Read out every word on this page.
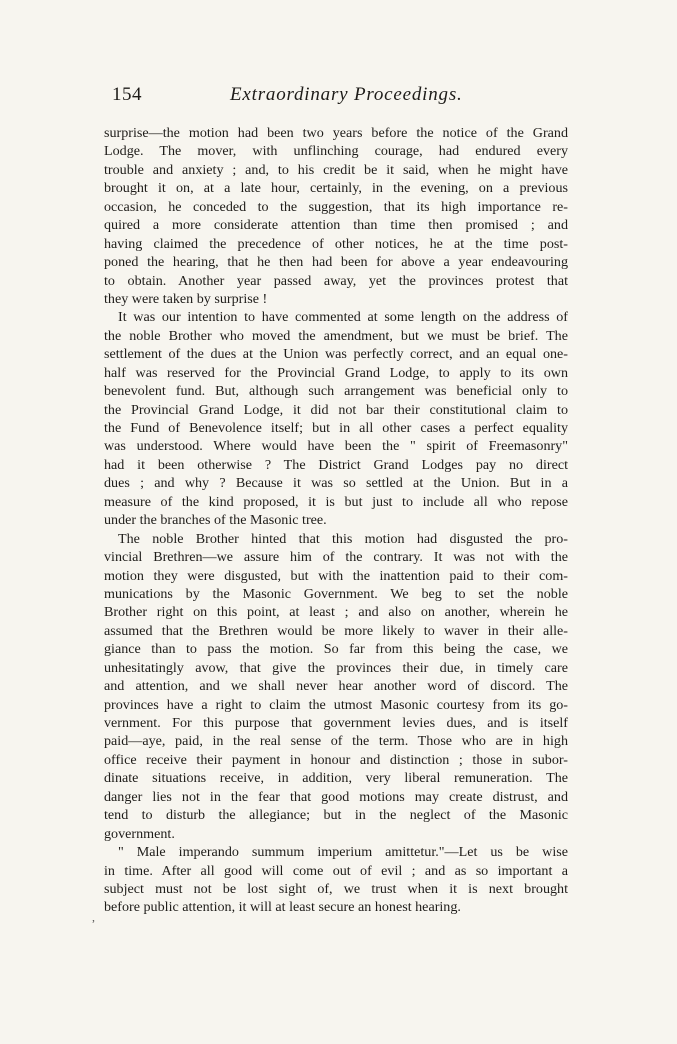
154	Extraordinary Proceedings.
surprise—the motion had been two years before the notice of the Grand
Lodge. The mover, with unflinching courage, had endured every
trouble and anxiety ; and, to his credit be it said, when he might have
brought it on, at a late hour, certainly, in the evening, on a previous
occasion, he conceded to the suggestion, that its high importance re-
quired a more considerate attention than time then promised ; and
having claimed the precedence of other notices, he at the time post-
poned the hearing, that he then had been for above a year endeavouring
to obtain. Another year passed away, yet the provinces protest that
they were taken by surprise !
It was our intention to have commented at some length on the address of
the noble Brother who moved the amendment, but we must be brief. The
settlement of the dues at the Union was perfectly correct, and an equal one-
half was reserved for the Provincial Grand Lodge, to apply to its own
benevolent fund. But, although such arrangement was beneficial only to
the Provincial Grand Lodge, it did not bar their constitutional claim to
the Fund of Benevolence itself; but in all other cases a perfect equality
was understood. Where would have been the " spirit of Freemasonry"
had it been otherwise ? The District Grand Lodges pay no direct
dues ; and why ? Because it was so settled at the Union. But in a
measure of the kind proposed, it is but just to include all who repose
under the branches of the Masonic tree.
The noble Brother hinted that this motion had disgusted the pro-
vincial Brethren—we assure him of the contrary. It was not with the
motion they were disgusted, but with the inattention paid to their com-
munications by the Masonic Government. We beg to set the noble
Brother right on this point, at least ; and also on another, wherein he
assumed that the Brethren would be more likely to waver in their alle-
giance than to pass the motion. So far from this being the case, we
unhesitatingly avow, that give the provinces their due, in timely care
and attention, and we shall never hear another word of discord. The
provinces have a right to claim the utmost Masonic courtesy from its go-
vernment. For this purpose that government levies dues, and is itself
paid—aye, paid, in the real sense of the term. Those who are in high
office receive their payment in honour and distinction ; those in subor-
dinate situations receive, in addition, very liberal remuneration. The
danger lies not in the fear that good motions may create distrust, and
tend to disturb the allegiance; but in the neglect of the Masonic
government.
" Male imperando summum imperium amittetur."—Let us be wise
in time. After all good will come out of evil ; and as so important a
subject must not be lost sight of, we trust when it is next brought
before public attention, it will at least secure an honest hearing.
,
